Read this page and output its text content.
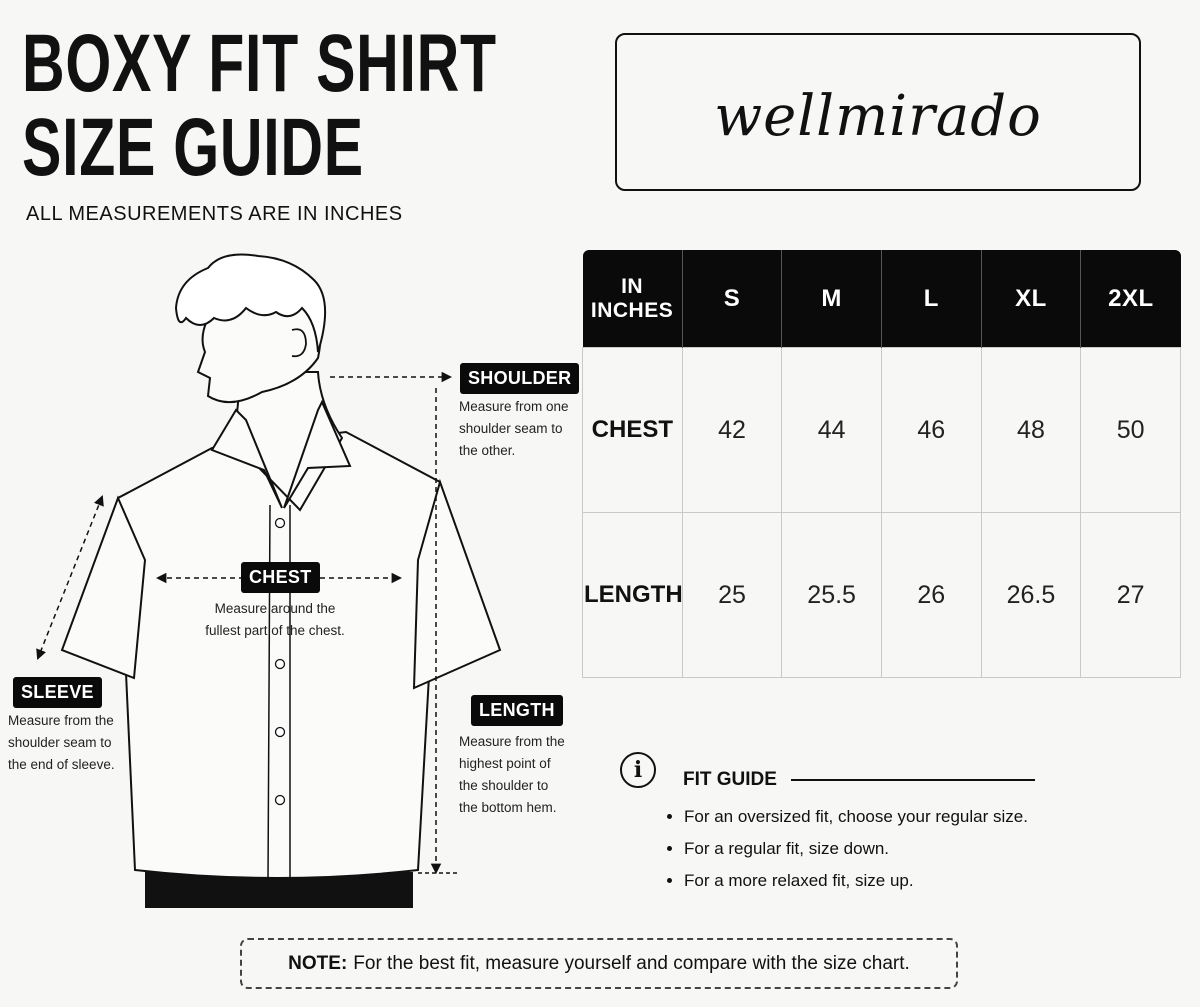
BOXY FIT SHIRT
SIZE GUIDE
ALL MEASUREMENTS ARE IN INCHES
wellmirado
IN INCHES	S	M	L	XL	2XL
CHEST	42	44	46	48	50
LENGTH	25	25.5	26	26.5	27
SHOULDER
Measure from one
shoulder seam to
the other.
CHEST
Measure around the
fullest part of the chest.
SLEEVE
Measure from the
shoulder seam to
the end of sleeve.
LENGTH
Measure from the
highest point of
the shoulder to
the bottom hem.
i	FIT GUIDE
• For an oversized fit, choose your regular size.
• For a regular fit, size down.
• For a more relaxed fit, size up.
NOTE: For the best fit, measure yourself and compare with the size chart.
